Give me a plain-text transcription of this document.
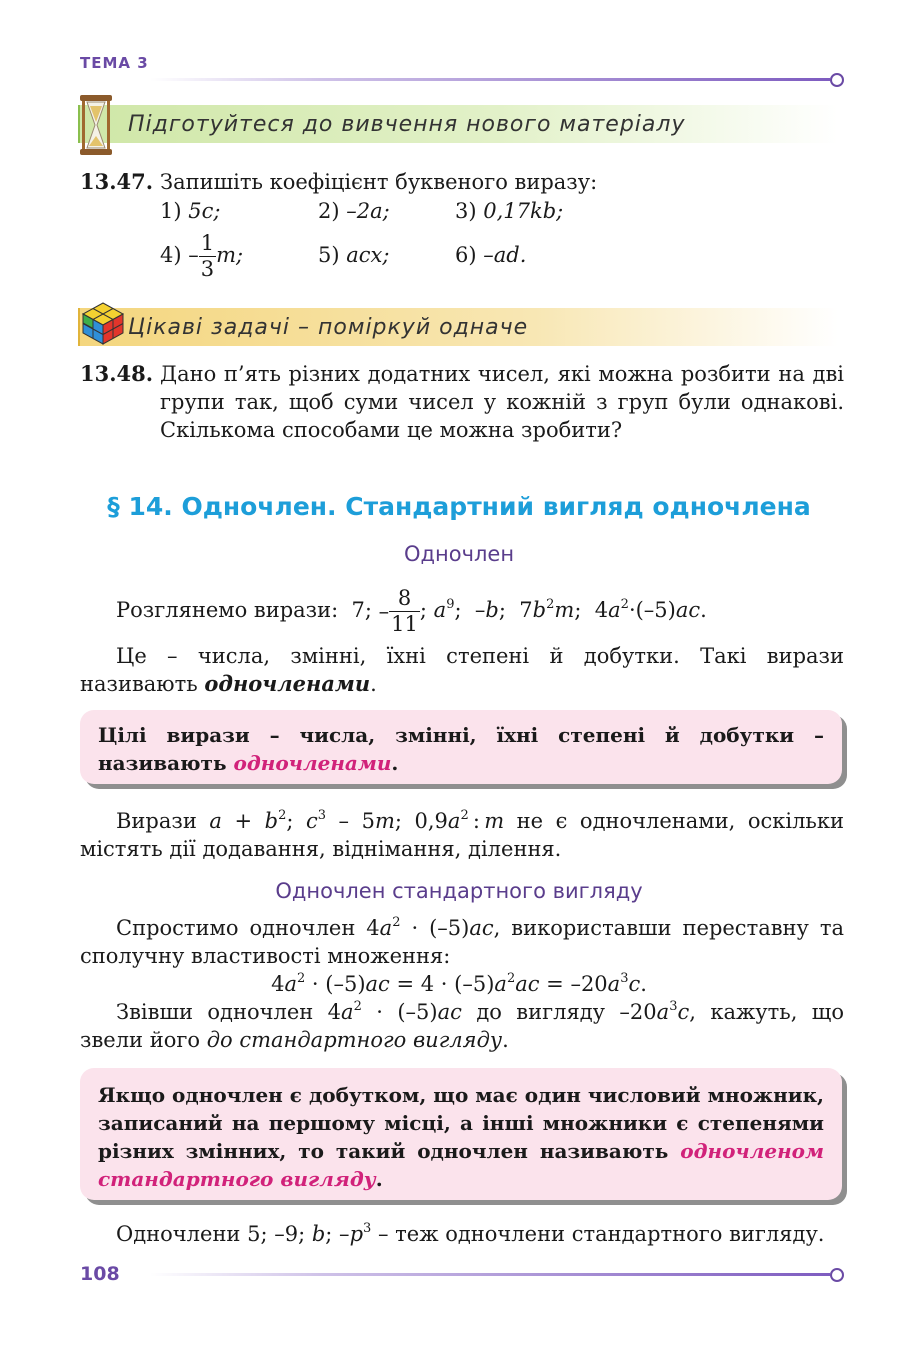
ТЕМА 3
Підготуйтеся до вивчення нового матеріалу
13.47. Запишіть коефіцієнт буквеного виразу:
1) 5c;	2) –2a;	3) 0,17kb;
$4) - \frac{1}{3} m$;	5) acx;	6) –ad.
Цікаві задачі – поміркуй одначе
13.48. Дано п’ять різних додатних чисел, які можна розбити на дві групи так, щоб суми чисел у кожній з груп були однакові. Скількома способами це можна зробити?
§ 14. Одночлен. Стандартний вигляд одночлена
Одночлен
Розглянемо вирази:  7; – $\frac{8}{11}$ ; $a^9$;  –b;  $7b^2m$;  $4a^2\cdot(-5)ac$.
Це – числа, змінні, їхні степені й добутки. Такі вирази називають одночленами.
Цілі вирази – числа, змінні, їхні степені й добутки – називають одночленами.
Вирази $a + b^2$; $c^3 - 5m$; $0,9a^2$ : m не є одночленами, оскільки містять дії додавання, віднімання, ділення.
Одночлен стандартного вигляду
Спростимо одночлен $4a^2 \cdot (-5)ac$, використавши переставну та сполучну властивості множення:
$4a^2 \cdot (-5)ac = 4 \cdot (-5)a^2ac = -20a^3c$.
Звівши одночлен $4a^2 \cdot (-5)ac$ до вигляду $-20a^3c$, кажуть, що звели його до стандартного вигляду.
Якщо одночлен є добутком, що має один числовий множник, записаний на першому місці, а інші множники є степенями різних змінних, то такий одночлен називають одночленом стандартного вигляду.
Одночлени 5; –9; b; $-p^3$ – теж одночлени стандартного вигляду.
108
